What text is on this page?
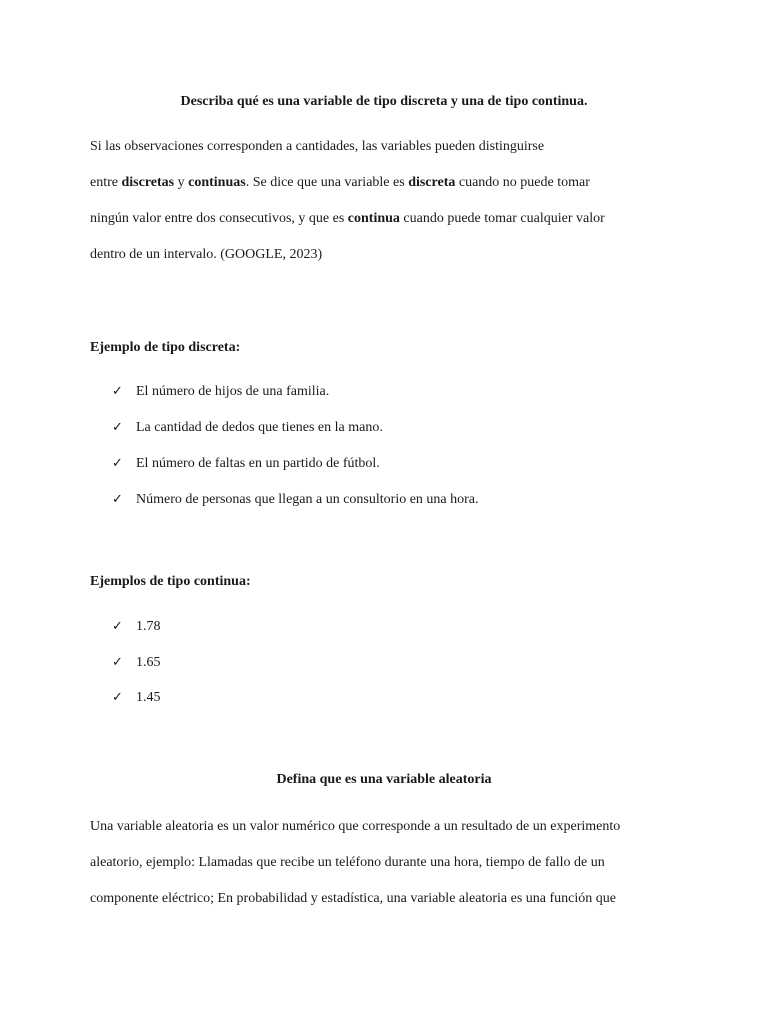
Describa qué es una variable de tipo discreta y una de tipo continua.
Si las observaciones corresponden a cantidades, las variables pueden distinguirse
entre discretas y continuas. Se dice que una variable es discreta cuando no puede tomar
ningún valor entre dos consecutivos, y que es continua cuando puede tomar cualquier valor
dentro de un intervalo. (GOOGLE, 2023)
Ejemplo de tipo discreta:
✓ El número de hijos de una familia.
✓ La cantidad de dedos que tienes en la mano.
✓ El número de faltas en un partido de fútbol.
✓ Número de personas que llegan a un consultorio en una hora.
Ejemplos de tipo continua:
✓ 1.78
✓ 1.65
✓ 1.45
Defina que es una variable aleatoria
Una variable aleatoria es un valor numérico que corresponde a un resultado de un experimento
aleatorio, ejemplo: Llamadas que recibe un teléfono durante una hora, tiempo de fallo de un
componente eléctrico; En probabilidad y estadística, una variable aleatoria es una función que
